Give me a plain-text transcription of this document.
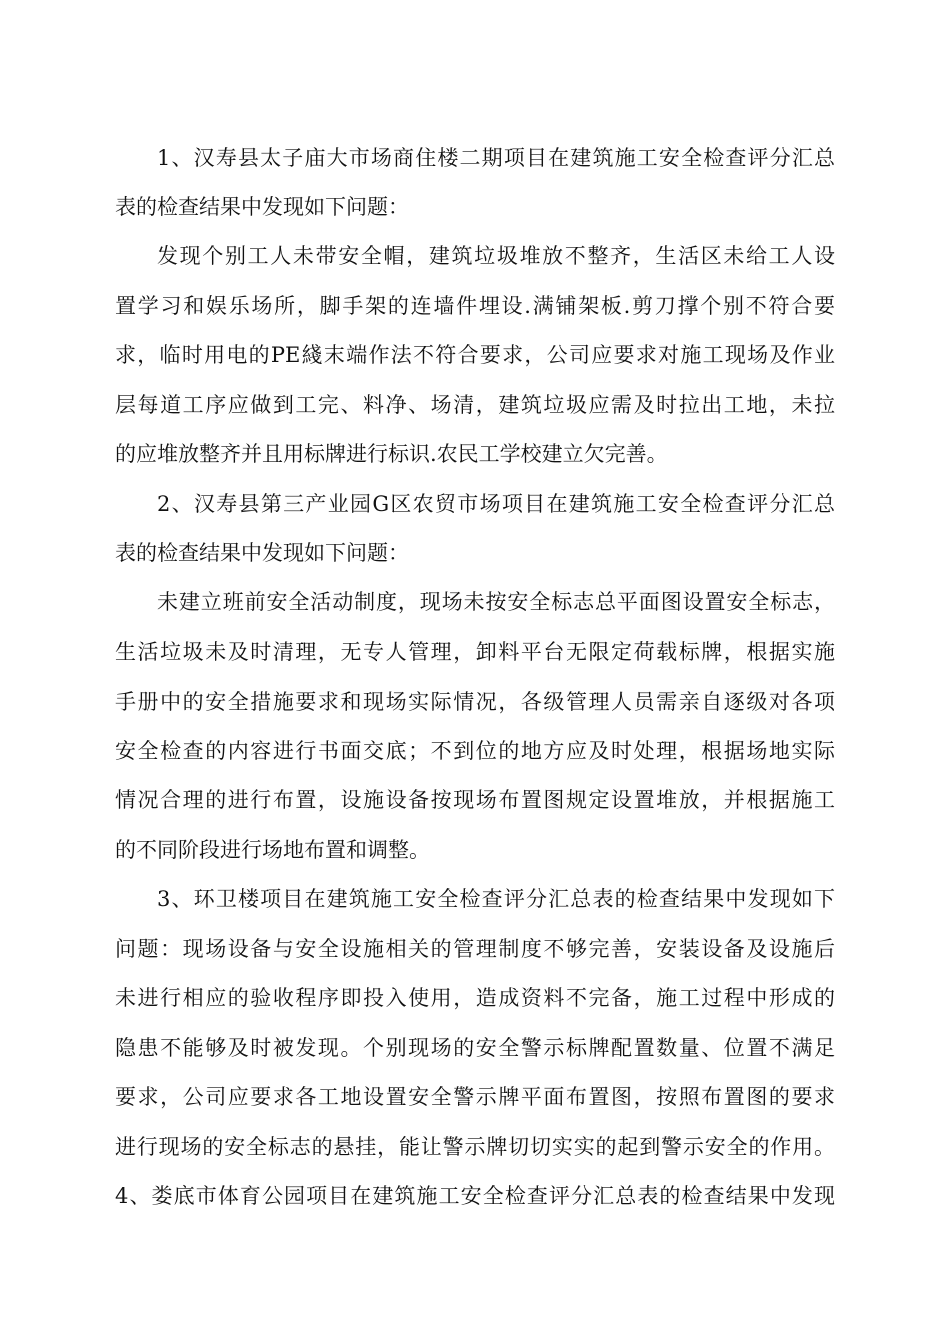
1、汉寿县太子庙大市场商住楼二期项目在建筑施工安全检查评分汇总
表的检查结果中发现如下问题：
发现个别工人未带安全帽，建筑垃圾堆放不整齐，生活区未给工人设
置学习和娱乐场所，脚手架的连墙件埋设.满铺架板.剪刀撑个别不符合要
求，临时用电的PE綫末端作法不符合要求，公司应要求对施工现场及作业
层每道工序应做到工完、料净、场清，建筑垃圾应需及时拉出工地，未拉
的应堆放整齐并且用标牌进行标识.农民工学校建立欠完善。
2、汉寿县第三产业园G区农贸市场项目在建筑施工安全检查评分汇总
表的检查结果中发现如下问题：
未建立班前安全活动制度，现场未按安全标志总平面图设置安全标志，
生活垃圾未及时清理，无专人管理，卸料平台无限定荷载标牌，根据实施
手册中的安全措施要求和现场实际情况，各级管理人员需亲自逐级对各项
安全检查的内容进行书面交底；不到位的地方应及时处理，根据场地实际
情况合理的进行布置，设施设备按现场布置图规定设置堆放，并根据施工
的不同阶段进行场地布置和调整。
3、环卫楼项目在建筑施工安全检查评分汇总表的检查结果中发现如下
问题：现场设备与安全设施相关的管理制度不够完善，安装设备及设施后
未进行相应的验收程序即投入使用，造成资料不完备，施工过程中形成的
隐患不能够及时被发现。个别现场的安全警示标牌配置数量、位置不满足
要求，公司应要求各工地设置安全警示牌平面布置图，按照布置图的要求
进行现场的安全标志的悬挂，能让警示牌切切实实的起到警示安全的作用。
4、娄底市体育公园项目在建筑施工安全检查评分汇总表的检查结果中发现
